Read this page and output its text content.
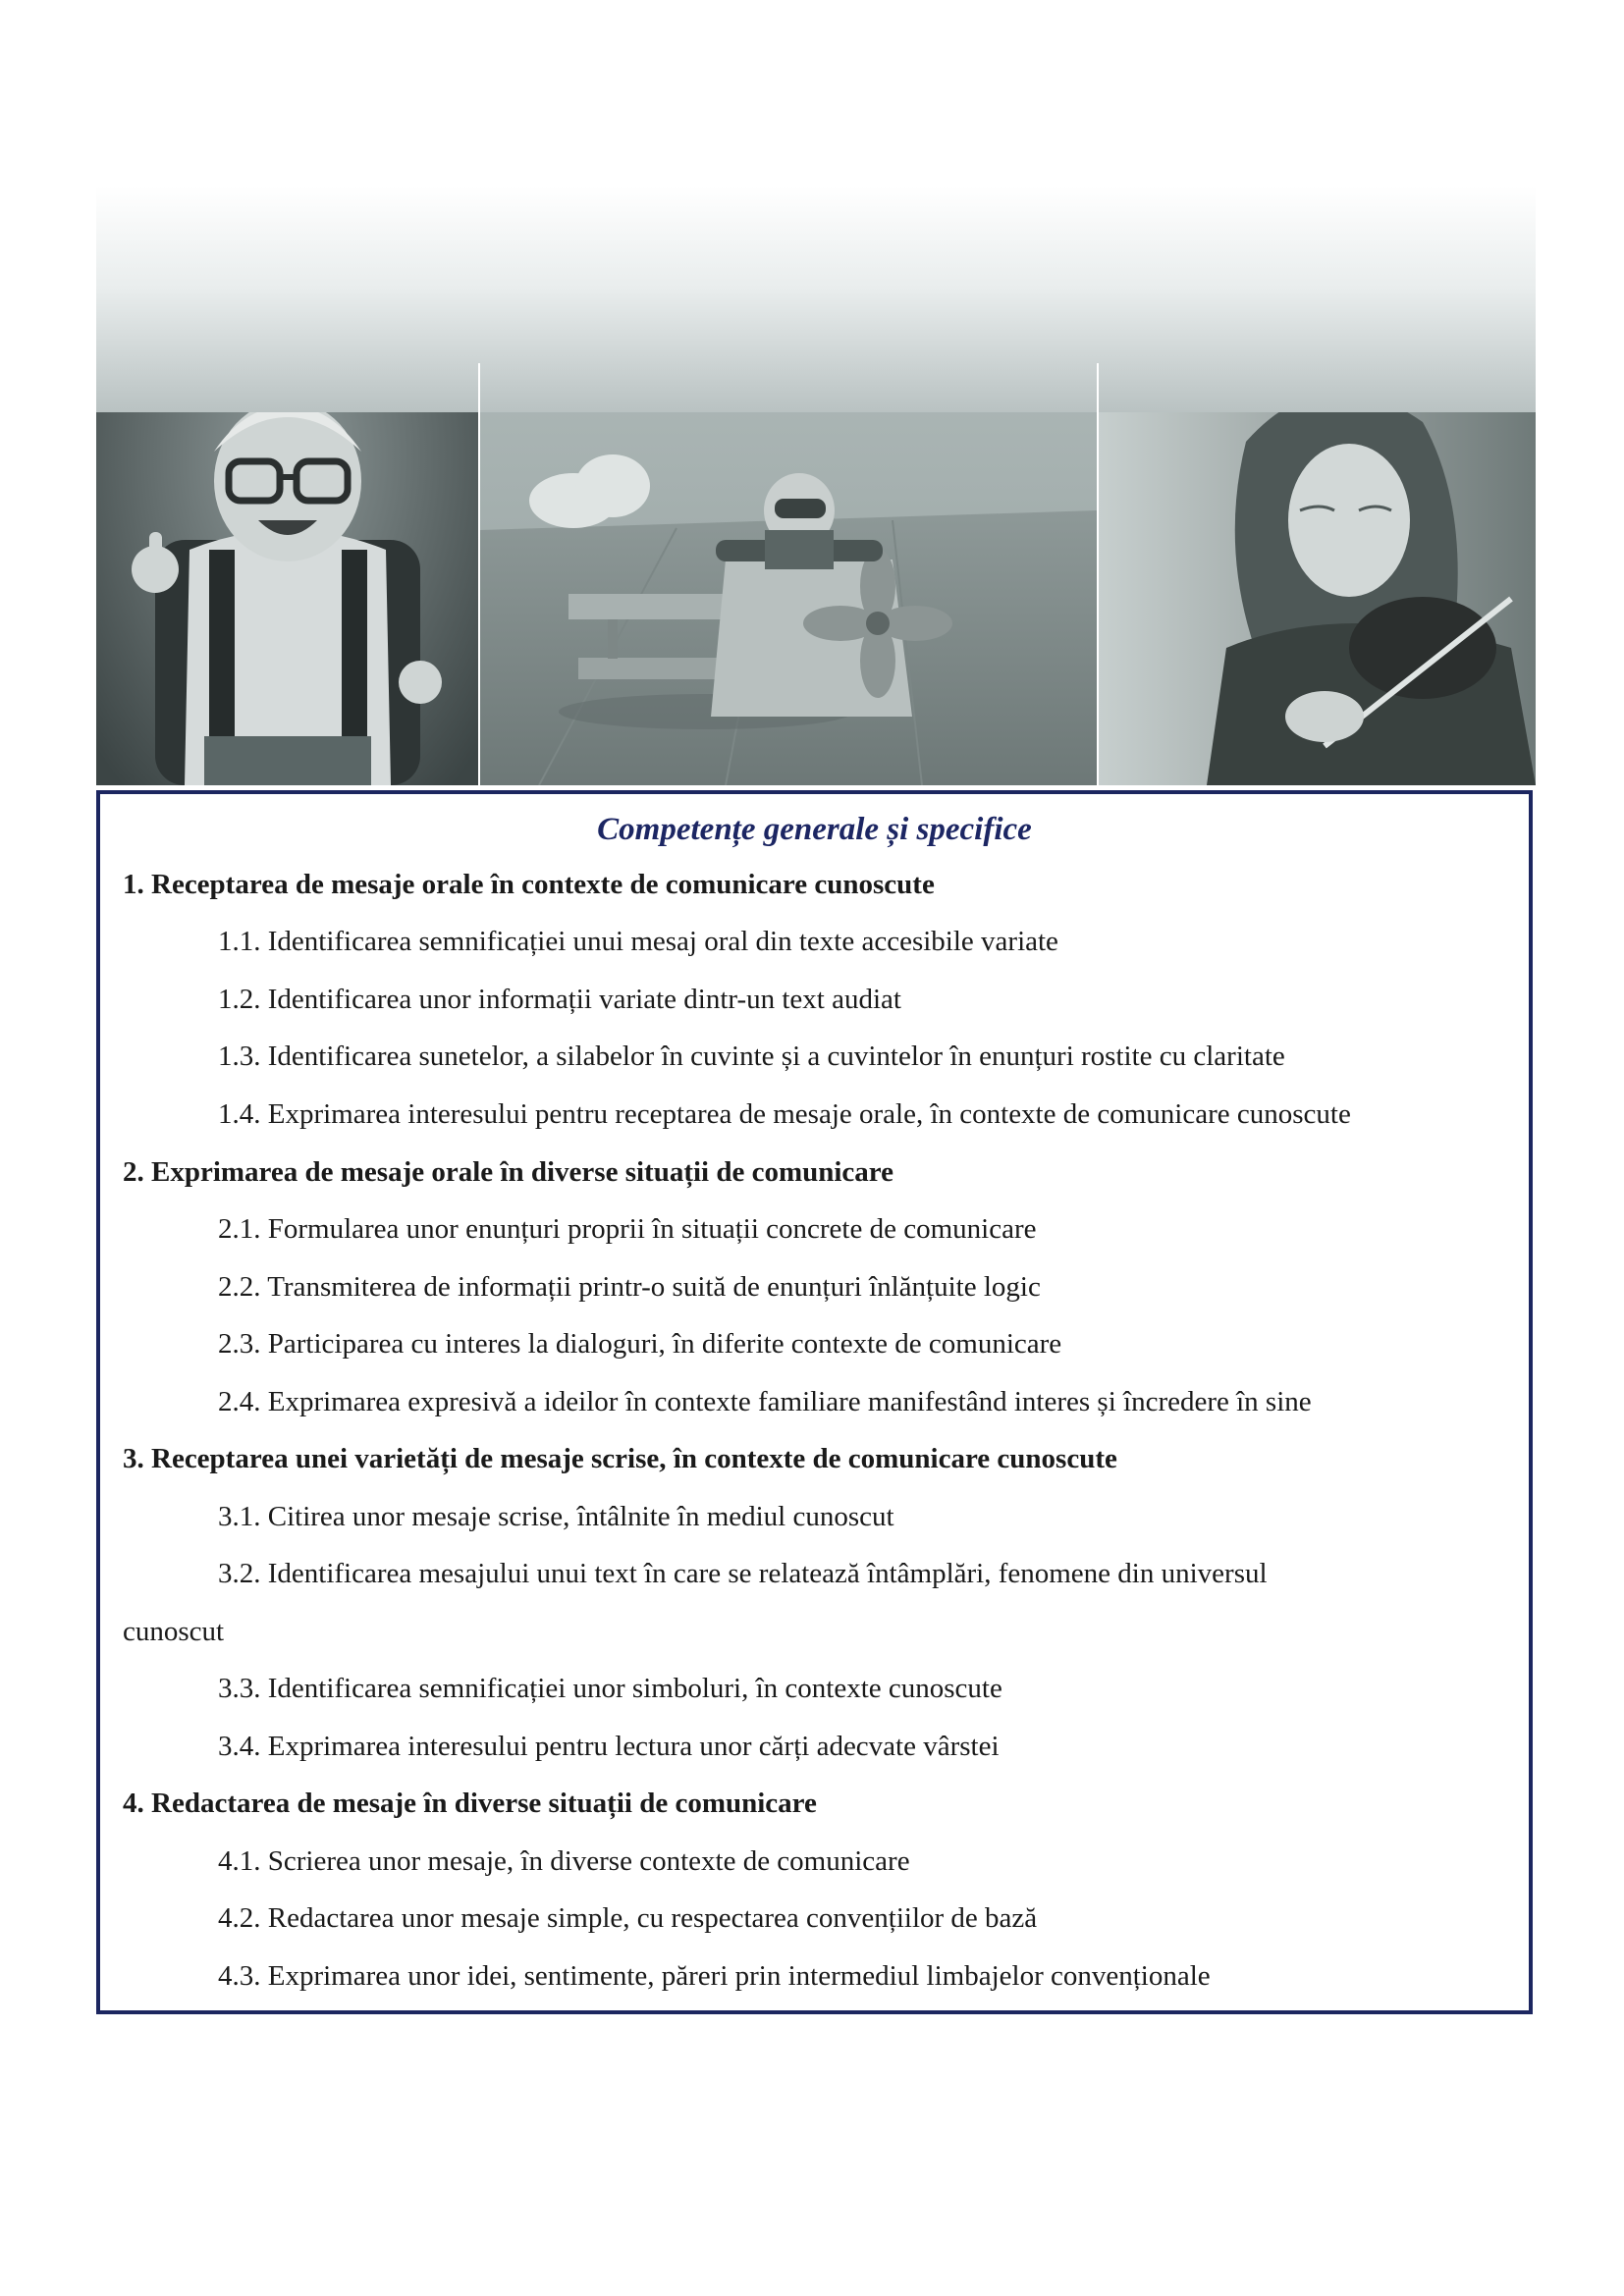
Competențe generale și specifice
1. Receptarea de mesaje orale în contexte de comunicare cunoscute
1.1. Identificarea semnificației unui mesaj oral din texte accesibile variate
1.2. Identificarea unor informații variate dintr-un text audiat
1.3. Identificarea sunetelor, a silabelor în cuvinte și a cuvintelor în enunțuri rostite cu claritate
1.4. Exprimarea interesului pentru receptarea de mesaje orale, în contexte de comunicare cunoscute
2. Exprimarea de mesaje orale în diverse situații de comunicare
2.1. Formularea unor enunțuri proprii în situații concrete de comunicare
2.2. Transmiterea de informații printr-o suită de enunțuri înlănțuite logic
2.3. Participarea cu interes la dialoguri, în diferite contexte de comunicare
2.4. Exprimarea expresivă a ideilor în contexte familiare manifestând interes și încredere în sine
3. Receptarea unei varietăți de mesaje scrise, în contexte de comunicare cunoscute
3.1. Citirea unor mesaje scrise, întâlnite în mediul cunoscut
3.2. Identificarea mesajului unui text în care se relatează întâmplări, fenomene din universul
cunoscut
3.3. Identificarea semnificației unor simboluri, în contexte cunoscute
3.4. Exprimarea interesului pentru lectura unor cărți adecvate vârstei
4. Redactarea de mesaje în diverse situații de comunicare
4.1. Scrierea unor mesaje, în diverse contexte de comunicare
4.2. Redactarea unor mesaje simple, cu respectarea convențiilor de bază
4.3. Exprimarea unor idei, sentimente, păreri prin intermediul limbajelor convenționale
